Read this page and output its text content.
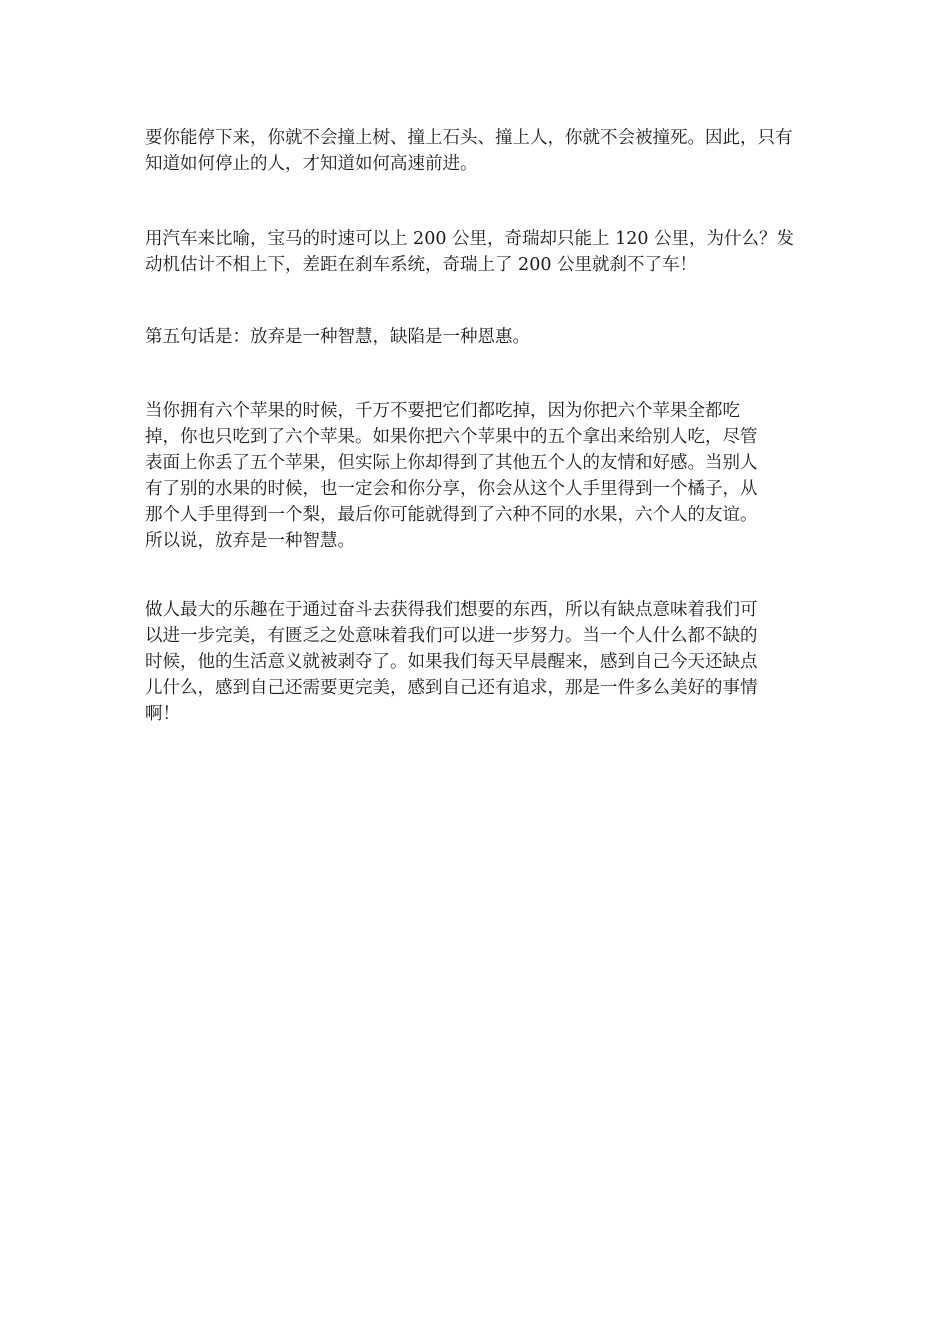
要你能停下来，你就不会撞上树、撞上石头、撞上人，你就不会被撞死。因此，只有
知道如何停止的人，才知道如何高速前进。
用汽车来比喻，宝马的时速可以上 200 公里，奇瑞却只能上 120 公里，为什么？发
动机估计不相上下，差距在刹车系统，奇瑞上了 200 公里就刹不了车！
第五句话是：放弃是一种智慧，缺陷是一种恩惠。
当你拥有六个苹果的时候，千万不要把它们都吃掉，因为你把六个苹果全都吃
掉，你也只吃到了六个苹果。如果你把六个苹果中的五个拿出来给别人吃，尽管
表面上你丢了五个苹果，但实际上你却得到了其他五个人的友情和好感。当别人
有了别的水果的时候，也一定会和你分享，你会从这个人手里得到一个橘子，从
那个人手里得到一个梨，最后你可能就得到了六种不同的水果，六个人的友谊。
所以说，放弃是一种智慧。
做人最大的乐趣在于通过奋斗去获得我们想要的东西，所以有缺点意味着我们可
以进一步完美，有匮乏之处意味着我们可以进一步努力。当一个人什么都不缺的
时候，他的生活意义就被剥夺了。如果我们每天早晨醒来，感到自己今天还缺点
儿什么，感到自己还需要更完美，感到自己还有追求，那是一件多么美好的事情
啊！
